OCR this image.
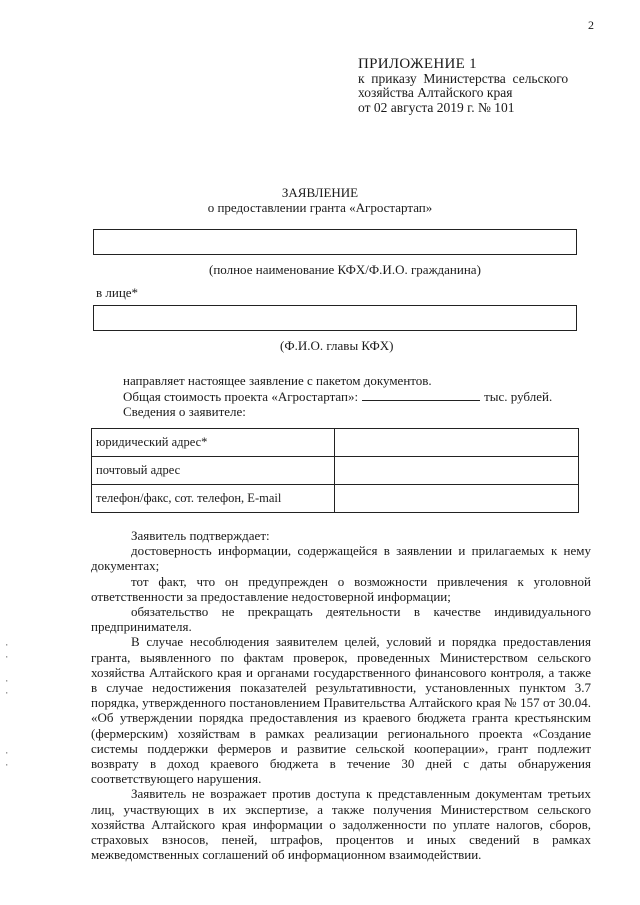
2
ПРИЛОЖЕНИЕ 1
к  приказу  Министерства  сельского
хозяйства Алтайского края
от 02 августа 2019 г. № 101
ЗАЯВЛЕНИЕ
о предоставлении гранта «Агростартап»
(полное наименование КФХ/Ф.И.О. гражданина)
в лице*
(Ф.И.О. главы КФХ)
направляет настоящее заявление с пакетом документов.
Общая стоимость проекта «Агростартап»:	тыс. рублей.
Сведения о заявителе:
юридический адрес*	
почтовый адрес	
телефон/факс, сот. телефон, E-mail	

Заявитель подтверждает:

достоверность информации, содержащейся в заявлении и прилагаемых к нему документах;

тот факт, что он предупрежден о возможности привлечения к уголовной ответственности за предоставление недостоверной информации;

обязательство не прекращать деятельности в качестве индивидуального предпринимателя.

В случае несоблюдения заявителем целей, условий и порядка предоставления гранта, выявленного по фактам проверок, проведенных Министерством сельского хозяйства Алтайского края и органами государственного финансового контроля, а также в случае недостижения показателей результативности, установленных пунктом 3.7 порядка, утвержденного постановлением Правительства Алтайского края № 157 от 30.04. «Об утверждении порядка предоставления из краевого бюджета гранта крестьянским (фермерским) хозяйствам в рамках реализации регионального проекта «Создание системы поддержки фермеров и развитие сельской кооперации», грант подлежит возврату в доход краевого бюджета в течение 30 дней с даты обнаружения соответствующего нарушения.

Заявитель не возражает против доступа к представленным документам третьих лиц, участвующих в их экспертизе, а также получения Министерством сельского хозяйства Алтайского края информации о задолженности по уплате налогов, сборов, страховых взносов, пеней, штрафов, процентов и иных сведений в рамках межведомственных соглашений об информационном взаимодействии.

·
·

·
·

·
·
